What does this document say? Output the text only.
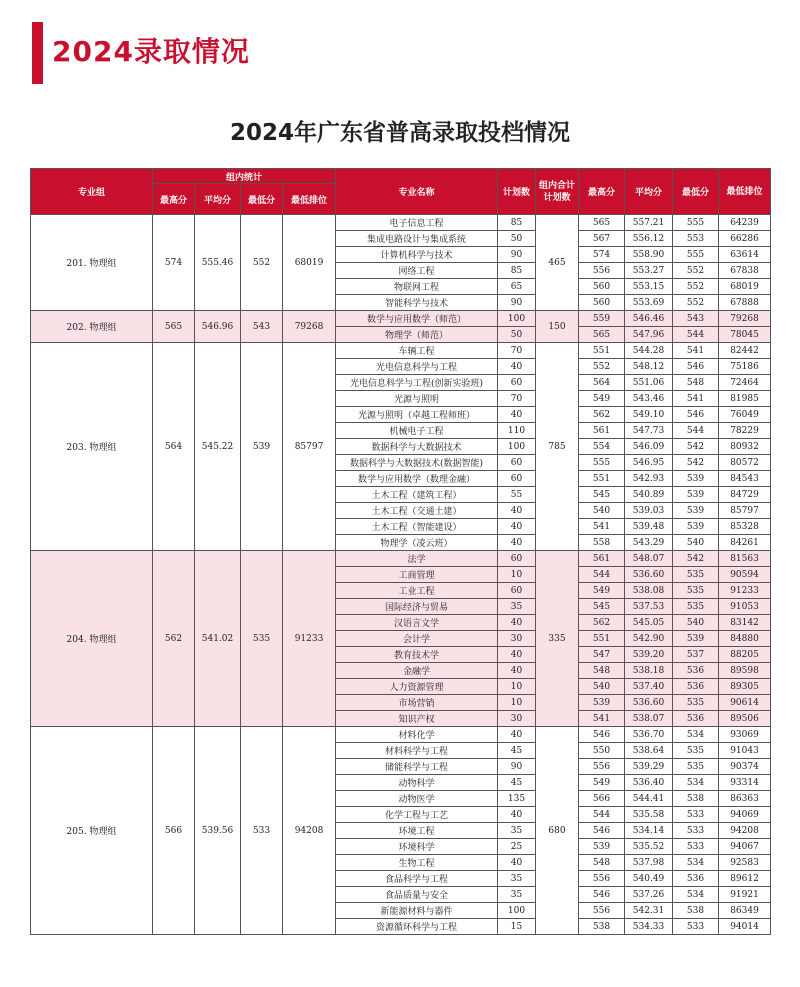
2024录取情况
2024年广东省普高录取投档情况
专业组	组内统计				专业名称	计划数	组内合计计划数	最高分	平均分	最低分	最低排位
	最高分	平均分	最低分	最低排位							
201. 物理组	574	555.46	552	68019	电子信息工程	85	465	565	557.21	555	64239
					集成电路设计与集成系统	50		567	556.12	553	66286
					计算机科学与技术	90		574	558.90	555	63614
					网络工程	85		556	553.27	552	67838
					物联网工程	65		560	553.15	552	68019
					智能科学与技术	90		560	553.69	552	67888
202. 物理组	565	546.96	543	79268	数学与应用数学（师范）	100	150	559	546.46	543	79268
					物理学（师范）	50		565	547.96	544	78045
203. 物理组	564	545.22	539	85797	车辆工程	70	785	551	544.28	541	82442
					光电信息科学与工程	40		552	548.12	546	75186
					光电信息科学与工程(创新实验班)	60		564	551.06	548	72464
					光源与照明	70		549	543.46	541	81985
					光源与照明（卓越工程师班）	40		562	549.10	546	76049
					机械电子工程	110		561	547.73	544	78229
					数据科学与大数据技术	100		554	546.09	542	80932
					数据科学与大数据技术(数据智能)	60		555	546.95	542	80572
					数学与应用数学（数理金融）	60		551	542.93	539	84543
					土木工程（建筑工程）	55		545	540.89	539	84729
					土木工程（交通土建）	40		540	539.03	539	85797
					土木工程（智能建设）	40		541	539.48	539	85328
					物理学（凌云班）	40		558	543.29	540	84261
204. 物理组	562	541.02	535	91233	法学	60	335	561	548.07	542	81563
					工商管理	10		544	536.60	535	90594
					工业工程	60		549	538.08	535	91233
					国际经济与贸易	35		545	537.53	535	91053
					汉语言文学	40		562	545.05	540	83142
					会计学	30		551	542.90	539	84880
					教育技术学	40		547	539.20	537	88205
					金融学	40		548	538.18	536	89598
					人力资源管理	10		540	537.40	536	89305
					市场营销	10		539	536.60	535	90614
					知识产权	30		541	538.07	536	89506
205. 物理组	566	539.56	533	94208	材料化学	40	680	546	536.70	534	93069
					材料科学与工程	45		550	538.64	535	91043
					储能科学与工程	90		556	539.29	535	90374
					动物科学	45		549	536.40	534	93314
					动物医学	135		566	544.41	538	86363
					化学工程与工艺	40		544	535.58	533	94069
					环境工程	35		546	534.14	533	94208
					环境科学	25		539	535.52	533	94067
					生物工程	40		548	537.98	534	92583
					食品科学与工程	35		556	540.49	536	89612
					食品质量与安全	35		546	537.26	534	91921
					新能源材料与器件	100		556	542.31	538	86349
					资源循环科学与工程	15		538	534.33	533	94014
